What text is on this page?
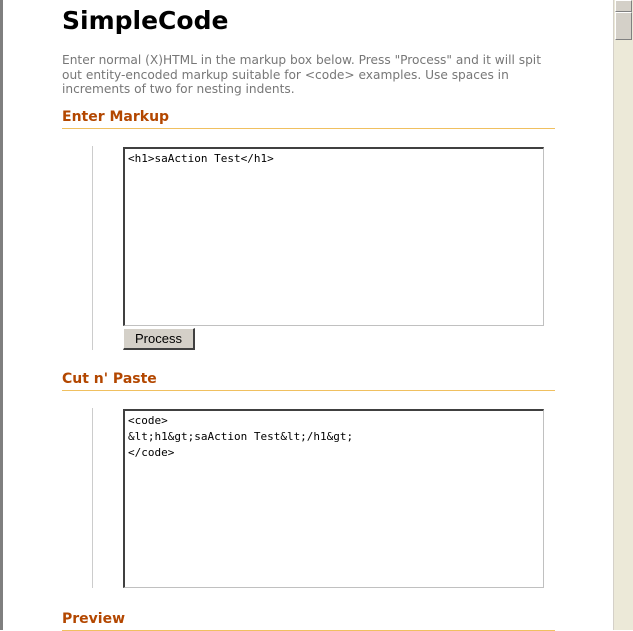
SimpleCode

Enter normal (X)HTML in the markup box below. Press "Process" and it will spit out entity-encoded markup suitable for <code> examples. Use spaces in increments of two for nesting indents.

Enter Markup
<h1>saAction Test</h1>
Process
Cut n' Paste
<code> &lt;h1&gt;saAction Test&lt;/h1&gt; </code>
Preview
